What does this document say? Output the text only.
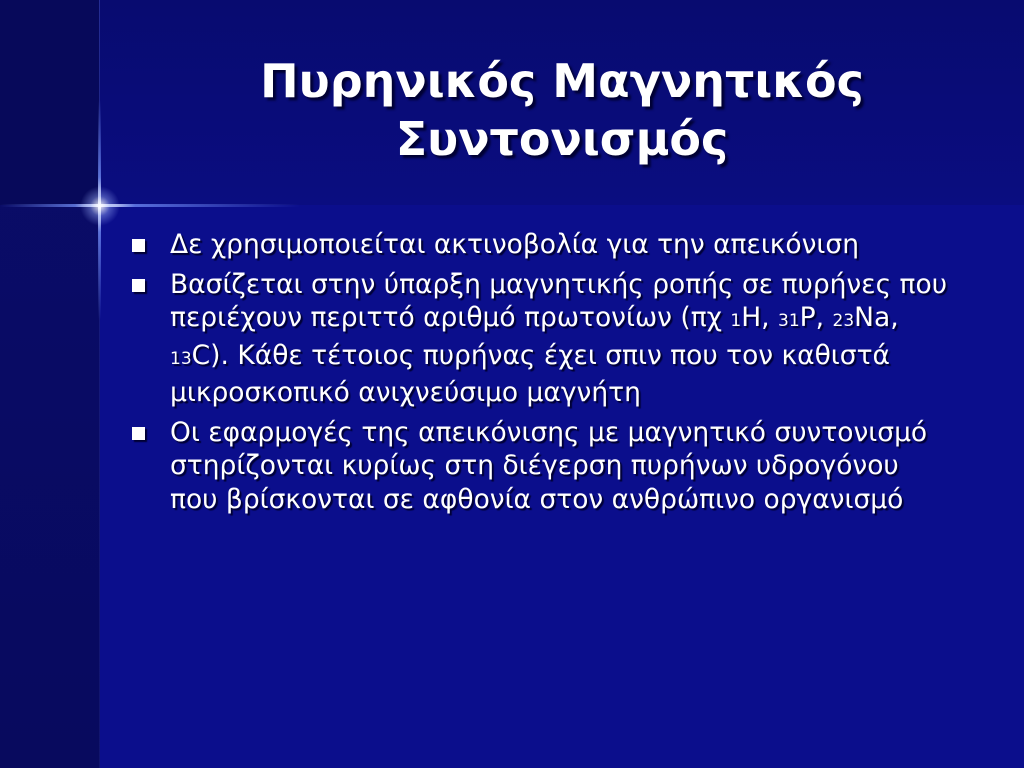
Πυρηνικός Μαγνητικός
Συντονισμός
Δε χρησιμοποιείται ακτινοβολία για την απεικόνιση
Βασίζεται στην ύπαρξη μαγνητικής ροπής σε πυρήνες που περιέχουν περιττό αριθμό πρωτονίων (πχ 1H, 31P, 23Na, 13C). Κάθε τέτοιος πυρήνας έχει σπιν που τον καθιστά μικροσκοπικό ανιχνεύσιμο μαγνήτη
Οι εφαρμογές της απεικόνισης με μαγνητικό συντονισμό στηρίζονται κυρίως στη διέγερση πυρήνων υδρογόνου που βρίσκονται σε αφθονία στον ανθρώπινο οργανισμό
